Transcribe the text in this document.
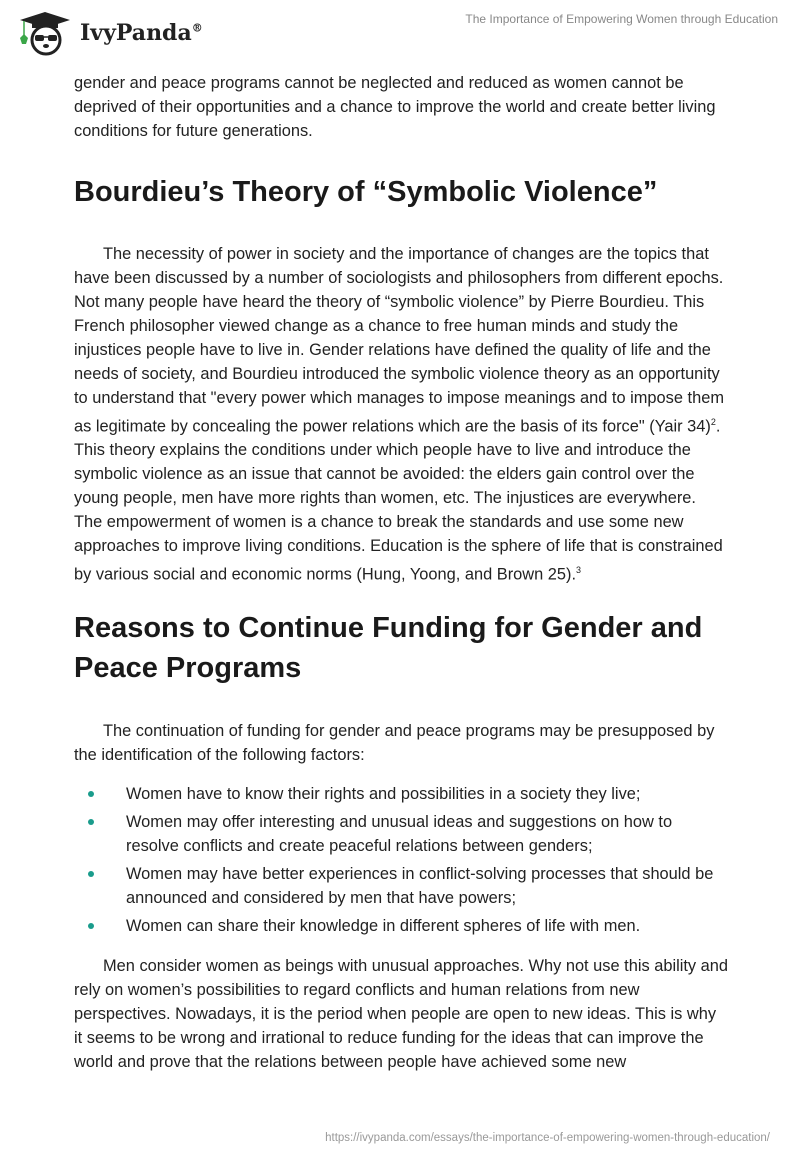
IvyPanda®
The Importance of Empowering Women through Education

gender and peace programs cannot be neglected and reduced as women cannot be deprived of their opportunities and a chance to improve the world and create better living conditions for future generations.

Bourdieu’s Theory of “Symbolic Violence”

The necessity of power in society and the importance of changes are the topics that have been discussed by a number of sociologists and philosophers from different epochs. Not many people have heard the theory of “symbolic violence” by Pierre Bourdieu. This French philosopher viewed change as a chance to free human minds and study the injustices people have to live in. Gender relations have defined the quality of life and the needs of society, and Bourdieu introduced the symbolic violence theory as an opportunity to understand that "every power which manages to impose meanings and to impose them as legitimate by concealing the power relations which are the basis of its force" (Yair 34)$^2$. This theory explains the conditions under which people have to live and introduce the symbolic violence as an issue that cannot be avoided: the elders gain control over the young people, men have more rights than women, etc. The injustices are everywhere. The empowerment of women is a chance to break the standards and use some new approaches to improve living conditions. Education is the sphere of life that is constrained by various social and economic norms (Hung, Yoong, and Brown 25).$^3$

Reasons to Continue Funding for Gender and Peace Programs

The continuation of funding for gender and peace programs may be presupposed by the identification of the following factors:

Women have to know their rights and possibilities in a society they live;
Women may offer interesting and unusual ideas and suggestions on how to resolve conflicts and create peaceful relations between genders;
Women may have better experiences in conflict-solving processes that should be announced and considered by men that have powers;
Women can share their knowledge in different spheres of life with men.

Men consider women as beings with unusual approaches. Why not use this ability and rely on women’s possibilities to regard conflicts and human relations from new perspectives. Nowadays, it is the period when people are open to new ideas. This is why it seems to be wrong and irrational to reduce funding for the ideas that can improve the world and prove that the relations between people have achieved some new

https://ivypanda.com/essays/the-importance-of-empowering-women-through-education/
